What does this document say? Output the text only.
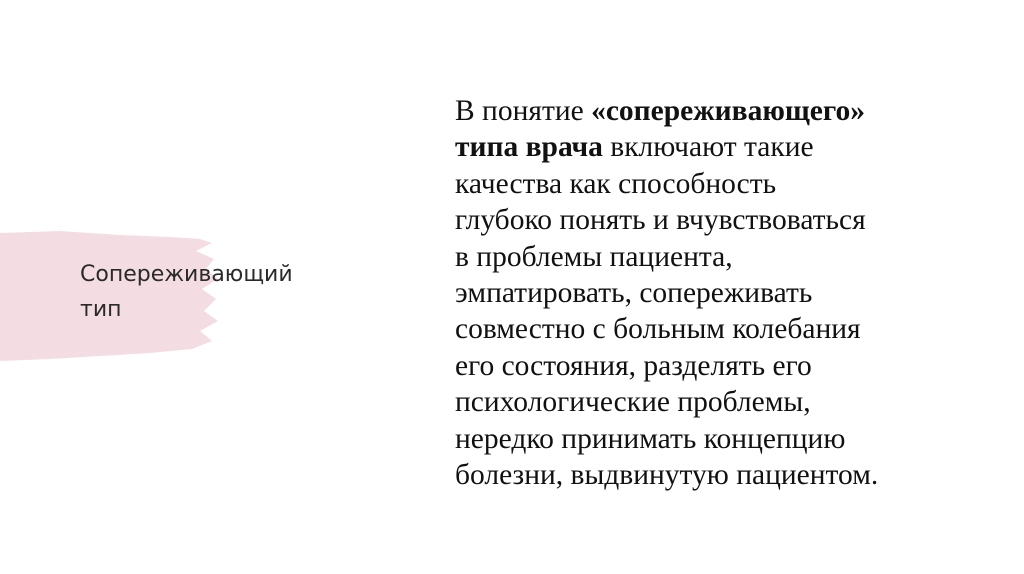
Сопереживающий
тип
В понятие «сопереживающего»
типа врача включают такие
качества как способность
глубоко понять и вчувствоваться
в проблемы пациента,
эмпатировать, сопереживать
совместно с больным колебания
его состояния, разделять его
психологические проблемы,
нередко принимать концепцию
болезни, выдвинутую пациентом.
